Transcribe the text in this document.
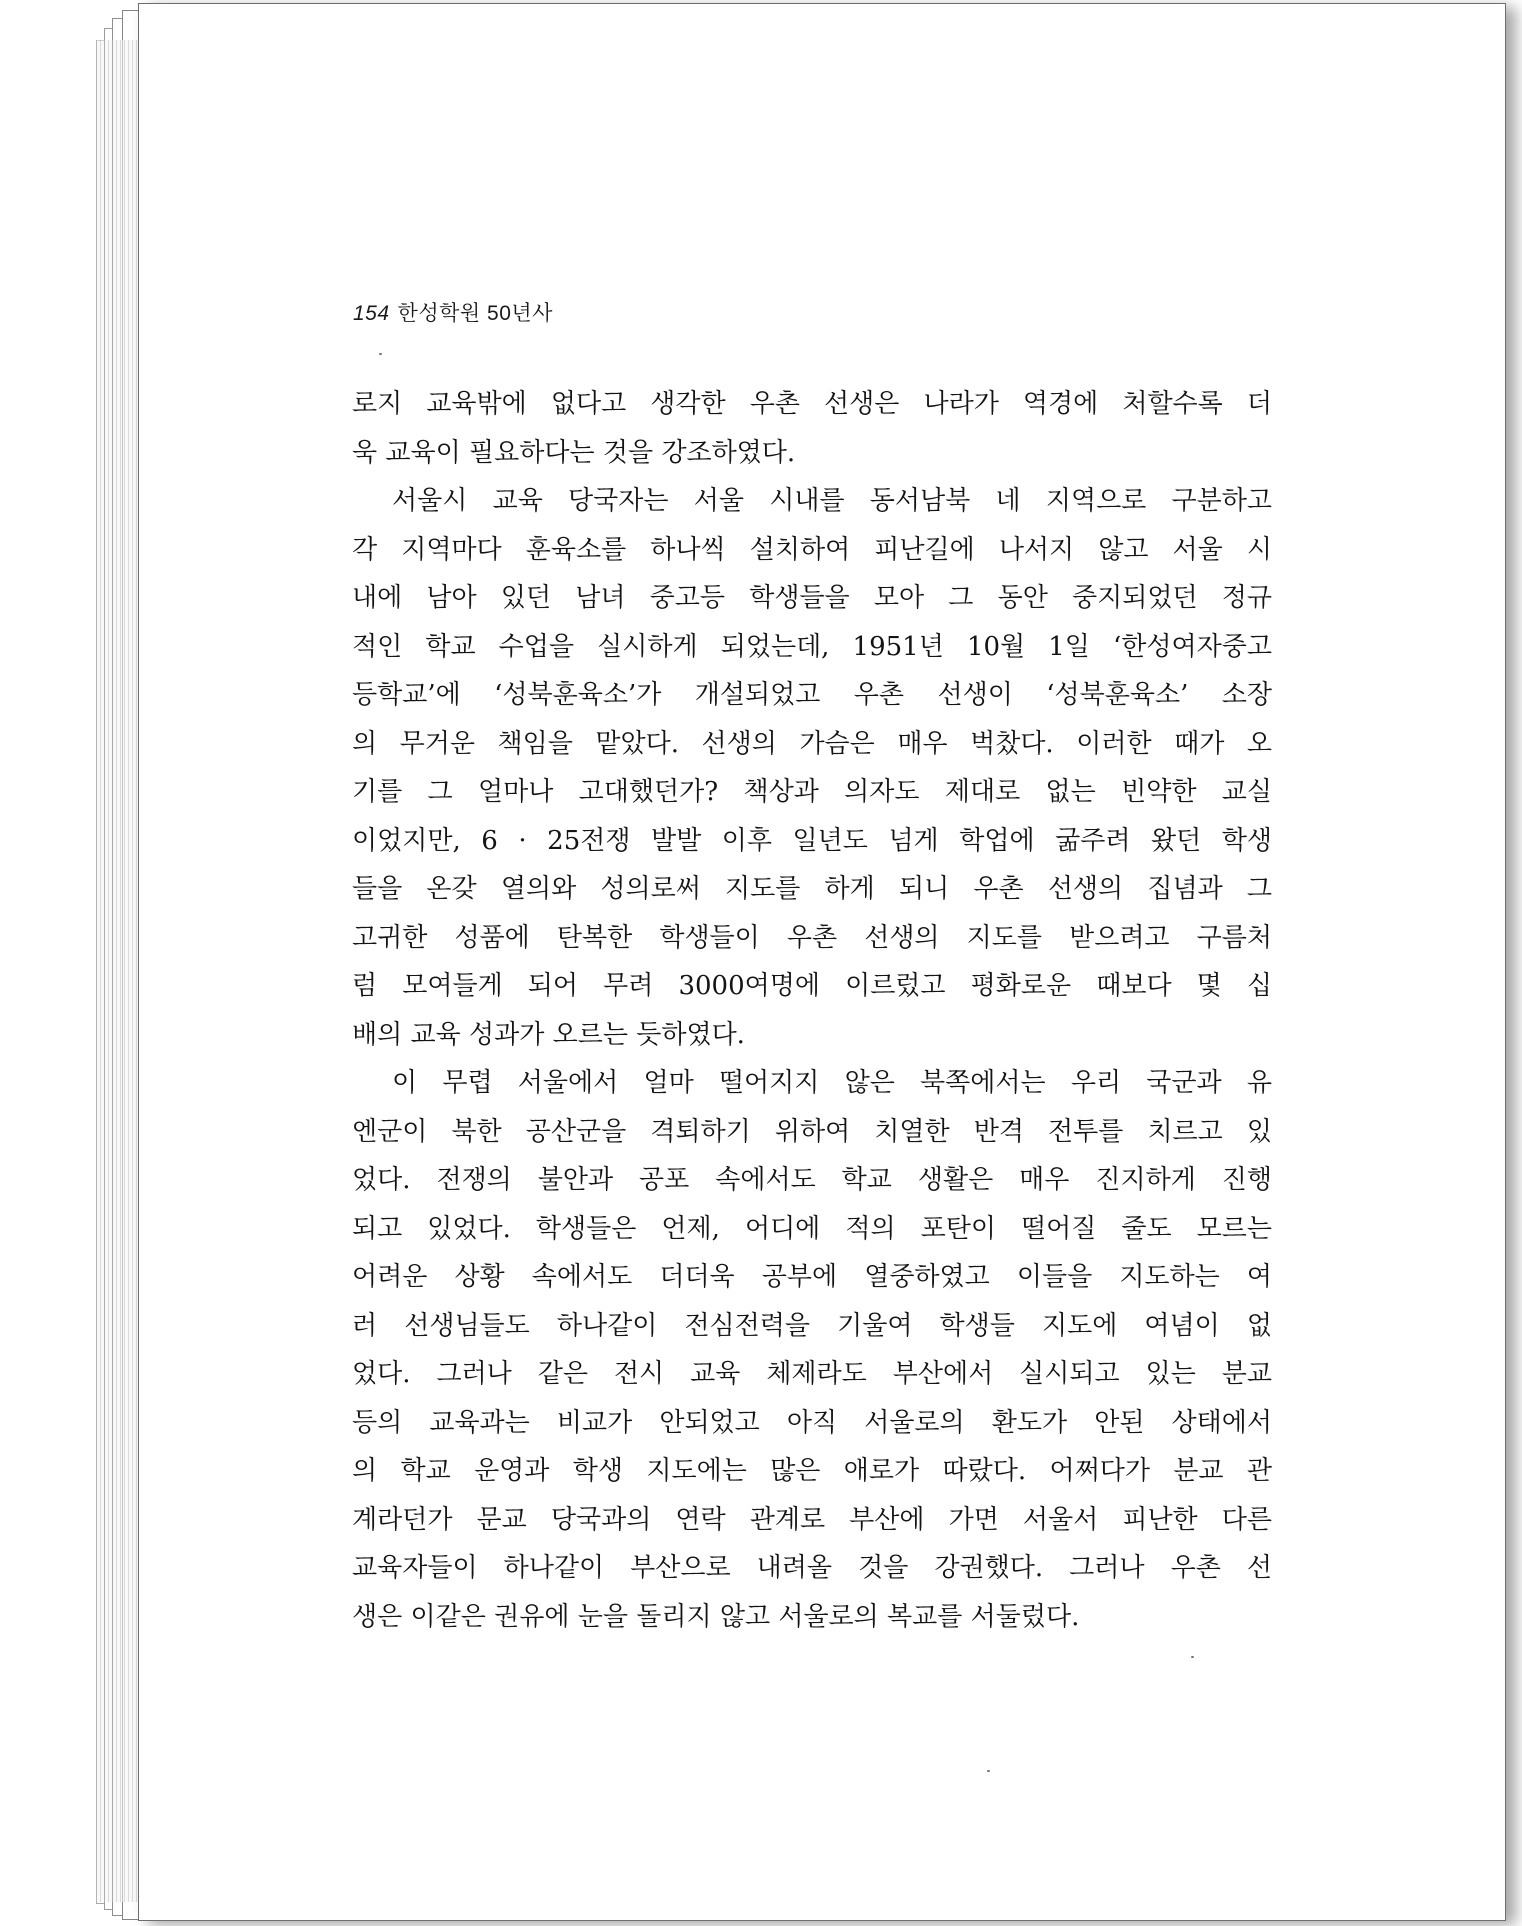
154 한성학원 50년사
로지 교육밖에 없다고 생각한 우촌 선생은 나라가 역경에 처할수록 더
욱 교육이 필요하다는 것을 강조하였다.
서울시 교육 당국자는 서울 시내를 동서남북 네 지역으로 구분하고
각 지역마다 훈육소를 하나씩 설치하여 피난길에 나서지 않고 서울 시
내에 남아 있던 남녀 중고등 학생들을 모아 그 동안 중지되었던 정규
적인 학교 수업을 실시하게 되었는데, 1951년 10월 1일 ‘한성여자중고
등학교’에 ‘성북훈육소’가 개설되었고 우촌 선생이 ‘성북훈육소’ 소장
의 무거운 책임을 맡았다. 선생의 가슴은 매우 벅찼다. 이러한 때가 오
기를 그 얼마나 고대했던가? 책상과 의자도 제대로 없는 빈약한 교실
이었지만, 6 · 25전쟁 발발 이후 일년도 넘게 학업에 굶주려 왔던 학생
들을 온갖 열의와 성의로써 지도를 하게 되니 우촌 선생의 집념과 그
고귀한 성품에 탄복한 학생들이 우촌 선생의 지도를 받으려고 구름처
럼 모여들게 되어 무려 3000여명에 이르렀고 평화로운 때보다 몇 십
배의 교육 성과가 오르는 듯하였다.
이 무렵 서울에서 얼마 떨어지지 않은 북쪽에서는 우리 국군과 유
엔군이 북한 공산군을 격퇴하기 위하여 치열한 반격 전투를 치르고 있
었다. 전쟁의 불안과 공포 속에서도 학교 생활은 매우 진지하게 진행
되고 있었다. 학생들은 언제, 어디에 적의 포탄이 떨어질 줄도 모르는
어려운 상황 속에서도 더더욱 공부에 열중하였고 이들을 지도하는 여
러 선생님들도 하나같이 전심전력을 기울여 학생들 지도에 여념이 없
었다. 그러나 같은 전시 교육 체제라도 부산에서 실시되고 있는 분교
등의 교육과는 비교가 안되었고 아직 서울로의 환도가 안된 상태에서
의 학교 운영과 학생 지도에는 많은 애로가 따랐다. 어쩌다가 분교 관
계라던가 문교 당국과의 연락 관계로 부산에 가면 서울서 피난한 다른
교육자들이 하나같이 부산으로 내려올 것을 강권했다. 그러나 우촌 선
생은 이같은 권유에 눈을 돌리지 않고 서울로의 복교를 서둘렀다.
